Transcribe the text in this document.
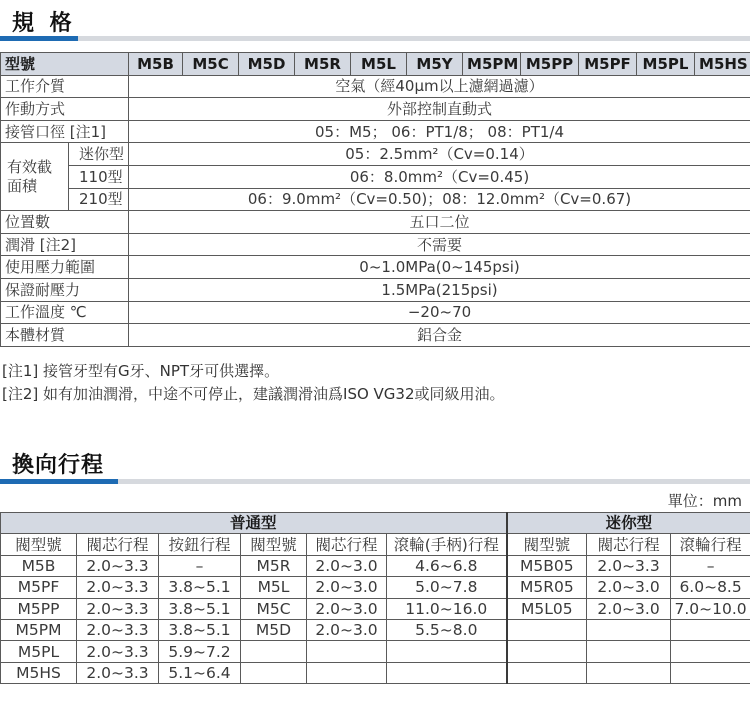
規 格
型號		M5B	M5C	M5D	M5R	M5L	M5Y	M5PM	M5PP	M5PF	M5PL	M5HS
工作介質		空氣（經40μm以上濾網過濾）										
作動方式		外部控制直動式										
接管口徑 [注1]		05：M5； 06：PT1/8； 08：PT1/4										
有效截面積	迷你型	05：2.5mm²（Cv=0.14）										
	110型	06：8.0mm²（Cv=0.45)										
	210型	06：9.0mm²（Cv=0.50)；08：12.0mm²（Cv=0.67)										
位置數		五口二位										
潤滑 [注2]		不需要										
使用壓力範圍		0~1.0MPa(0~145psi)										
保證耐壓力		1.5MPa(215psi)										
工作溫度 ℃		−20~70										
本體材質		鋁合金										
[注1] 接管牙型有G牙、NPT牙可供選擇。
[注2] 如有加油潤滑，中途不可停止，建議潤滑油爲ISO VG32或同級用油。
換向行程
單位：mm
普通型						迷你型		
閥型號	閥芯行程	按鈕行程	閥型號	閥芯行程	滾輪(手柄)行程	閥型號	閥芯行程	滾輪行程
M5B	2.0~3.3	–	M5R	2.0~3.0	4.6~6.8	M5B05	2.0~3.3	–
M5PF	2.0~3.3	3.8~5.1	M5L	2.0~3.0	5.0~7.8	M5R05	2.0~3.0	6.0~8.5
M5PP	2.0~3.3	3.8~5.1	M5C	2.0~3.0	11.0~16.0	M5L05	2.0~3.0	7.0~10.0
M5PM	2.0~3.3	3.8~5.1	M5D	2.0~3.0	5.5~8.0			
M5PL	2.0~3.3	5.9~7.2						
M5HS	2.0~3.3	5.1~6.4						
